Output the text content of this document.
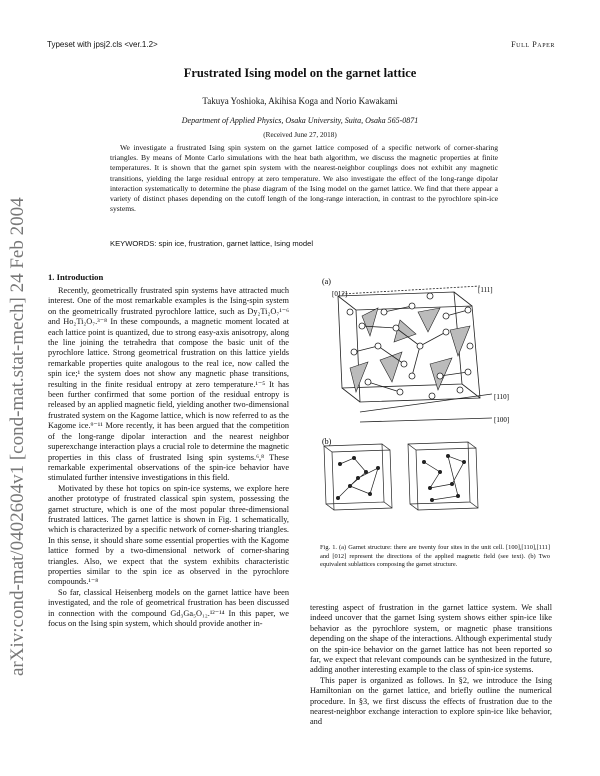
Typeset with jpsj2.cls <ver.1.2>	Full Paper
arXiv:cond-mat/0402604v1 [cond-mat.stat-mech] 24 Feb 2004
Frustrated Ising model on the garnet lattice
Takuya Yoshioka, Akihisa Koga and Norio Kawakami
Department of Applied Physics, Osaka University, Suita, Osaka 565-0871
(Received June 27, 2018)
We investigate a frustrated Ising spin system on the garnet lattice composed of a specific network of corner-sharing triangles. By means of Monte Carlo simulations with the heat bath algorithm, we discuss the magnetic properties at finite temperatures. It is shown that the garnet spin system with the nearest-neighbor couplings does not exhibit any magnetic transitions, yielding the large residual entropy at zero temperature. We also investigate the effect of the long-range dipolar interaction systematically to determine the phase diagram of the Ising model on the garnet lattice. We find that there appear a variety of distinct phases depending on the cutoff length of the long-range interaction, in contrast to the pyrochlore spin-ice systems.
KEYWORDS: spin ice, frustration, garnet lattice, Ising model
1. Introduction

Recently, geometrically frustrated spin systems have attracted much interest. One of the most remarkable examples is the Ising-spin system on the geometrically frustrated pyrochlore lattice, such as Dy₂Ti₂O₇¹⁻⁶ and Ho₂Ti₂O₇.³⁻⁸ In these compounds, a magnetic moment located at each lattice point is quantized, due to strong easy-axis anisotropy, along the line joining the tetrahedra that compose the basic unit of the pyrochlore lattice. Strong geometrical frustration on this lattice yields remarkable properties quite analogous to the real ice, now called the spin ice;¹ the system does not show any magnetic phase transitions, resulting in the finite residual entropy at zero temperature.¹⁻⁵ It has been further confirmed that some portion of the residual entropy is released by an applied magnetic field, yielding another two-dimensional frustrated system on the Kagome lattice, which is now referred to as the Kagome ice.⁹⁻¹¹ More recently, it has been argued that the competition of the long-range dipolar interaction and the nearest neighbor superexchange interaction plays a crucial role to determine the magnetic properties in this class of frustrated Ising spin systems.⁶,⁸ These remarkable experimental observations of the spin-ice behavior have stimulated further intensive investigations in this field.

Motivated by these hot topics on spin-ice systems, we explore here another prototype of frustrated classical spin system, possessing the garnet structure, which is one of the most popular three-dimensional frustrated lattices. The garnet lattice is shown in Fig. 1 schematically, which is characterized by a specific network of corner-sharing triangles. In this sense, it should share some essential properties with the Kagome lattice formed by a two-dimensional network of corner-sharing triangles. Also, we expect that the system exhibits characteristic properties similar to the spin ice as observed in the pyrochlore compounds.¹⁻⁸

So far, classical Heisenberg models on the garnet lattice have been investigated, and the role of geometrical frustration has been discussed in connection with the compound Gd₃Ga₅O₁₂.¹²⁻¹⁴ In this paper, we focus on the Ising spin system, which should provide another in-

(a)
(b)
[012]	[111]
[110]
[100]
Fig. 1. (a) Garnet structure: there are twenty four sites in the unit cell. [100],[110],[111] and [012] represent the directions of the applied magnetic field (see text). (b) Two equivalent sublattices composing the garnet structure.

teresting aspect of frustration in the garnet lattice system. We shall indeed uncover that the garnet Ising system shows either spin-ice like behavior as the pyrochlore system, or magnetic phase transitions depending on the shape of the interactions. Although experimental study on the spin-ice behavior on the garnet lattice has not been reported so far, we expect that relevant compounds can be synthesized in the future, adding another interesting example to the class of spin-ice systems.

This paper is organized as follows. In §2, we introduce the Ising Hamiltonian on the garnet lattice, and briefly outline the numerical procedure. In §3, we first discuss the effects of frustration due to the nearest-neighbor exchange interaction to explore spin-ice like behavior, and
